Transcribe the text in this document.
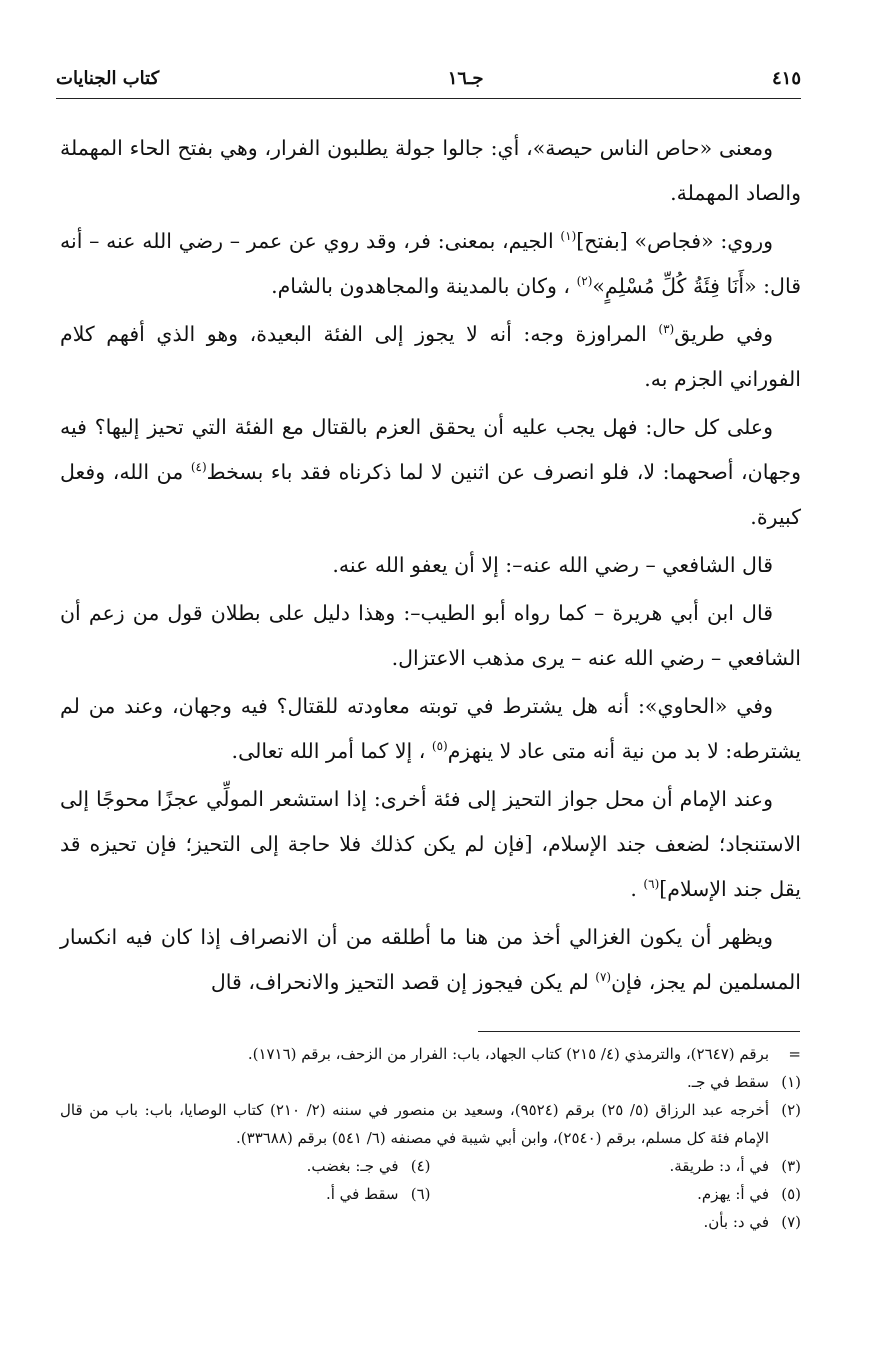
٤١٥
جـ١٦
كتاب الجنايات

ومعنى «حاص الناس حيصة»، أي: جالوا جولة يطلبون الفرار، وهي بفتح الحاء المهملة والصاد المهملة.

وروي: «فجاص» [بفتح]$^{(١)}$ الجيم، بمعنى: فر، وقد روي عن عمر – رضي الله عنه – أنه قال: «أَنَا فِئَةُ كُلِّ مُسْلِمٍ»$^{(٢)}$ ، وكان بالمدينة والمجاهدون بالشام.

وفي طريق$^{(٣)}$ المراوزة وجه: أنه لا يجوز إلى الفئة البعيدة، وهو الذي أفهم كلام الفوراني الجزم به.

وعلى كل حال: فهل يجب عليه أن يحقق العزم بالقتال مع الفئة التي تحيز إليها؟ فيه وجهان، أصحهما: لا، فلو انصرف عن اثنين لا لما ذكرناه فقد باء بسخط$^{(٤)}$ من الله، وفعل كبيرة.

قال الشافعي – رضي الله عنه–: إلا أن يعفو الله عنه.

قال ابن أبي هريرة – كما رواه أبو الطيب–: وهذا دليل على بطلان قول من زعم أن الشافعي – رضي الله عنه – يرى مذهب الاعتزال.

وفي «الحاوي»: أنه هل يشترط في توبته معاودته للقتال؟ فيه وجهان، وعند من لم يشترطه: لا بد من نية أنه متى عاد لا ينهزم$^{(٥)}$ ، إلا كما أمر الله تعالى.

وعند الإمام أن محل جواز التحيز إلى فئة أخرى: إذا استشعر المولِّي عجزًا محوجًا إلى الاستنجاد؛ لضعف جند الإسلام، [فإن لم يكن كذلك فلا حاجة إلى التحيز؛ فإن تحيزه قد يقل جند الإسلام]$^{(٦)}$ .

ويظهر أن يكون الغزالي أخذ من هنا ما أطلقه من أن الانصراف إذا كان فيه انكسار المسلمين لم يجز، فإن$^{(٧)}$ لم يكن فيجوز إن قصد التحيز والانحراف، قال

=
برقم (٢٦٤٧)، والترمذي (٤/ ٢١٥) كتاب الجهاد، باب: الفرار من الزحف، برقم (١٧١٦).
(١)
سقط في جـ.
(٢)
أخرجه عبد الرزاق (٥/ ٢٥) برقم (٩٥٢٤)، وسعيد بن منصور في سننه (٢/ ٢١٠) كتاب الوصايا، باب: باب من قال الإمام فئة كل مسلم، برقم (٢٥٤٠)، وابن أبي شيبة في مصنفه (٦/ ٥٤١) برقم (٣٣٦٨٨).
(٣)
في أ، د: طريقة.
(٤)
في جـ: بغضب.
(٥)
في أ: يهزم.
(٦)
سقط في أ.
(٧)
في د: بأن.
